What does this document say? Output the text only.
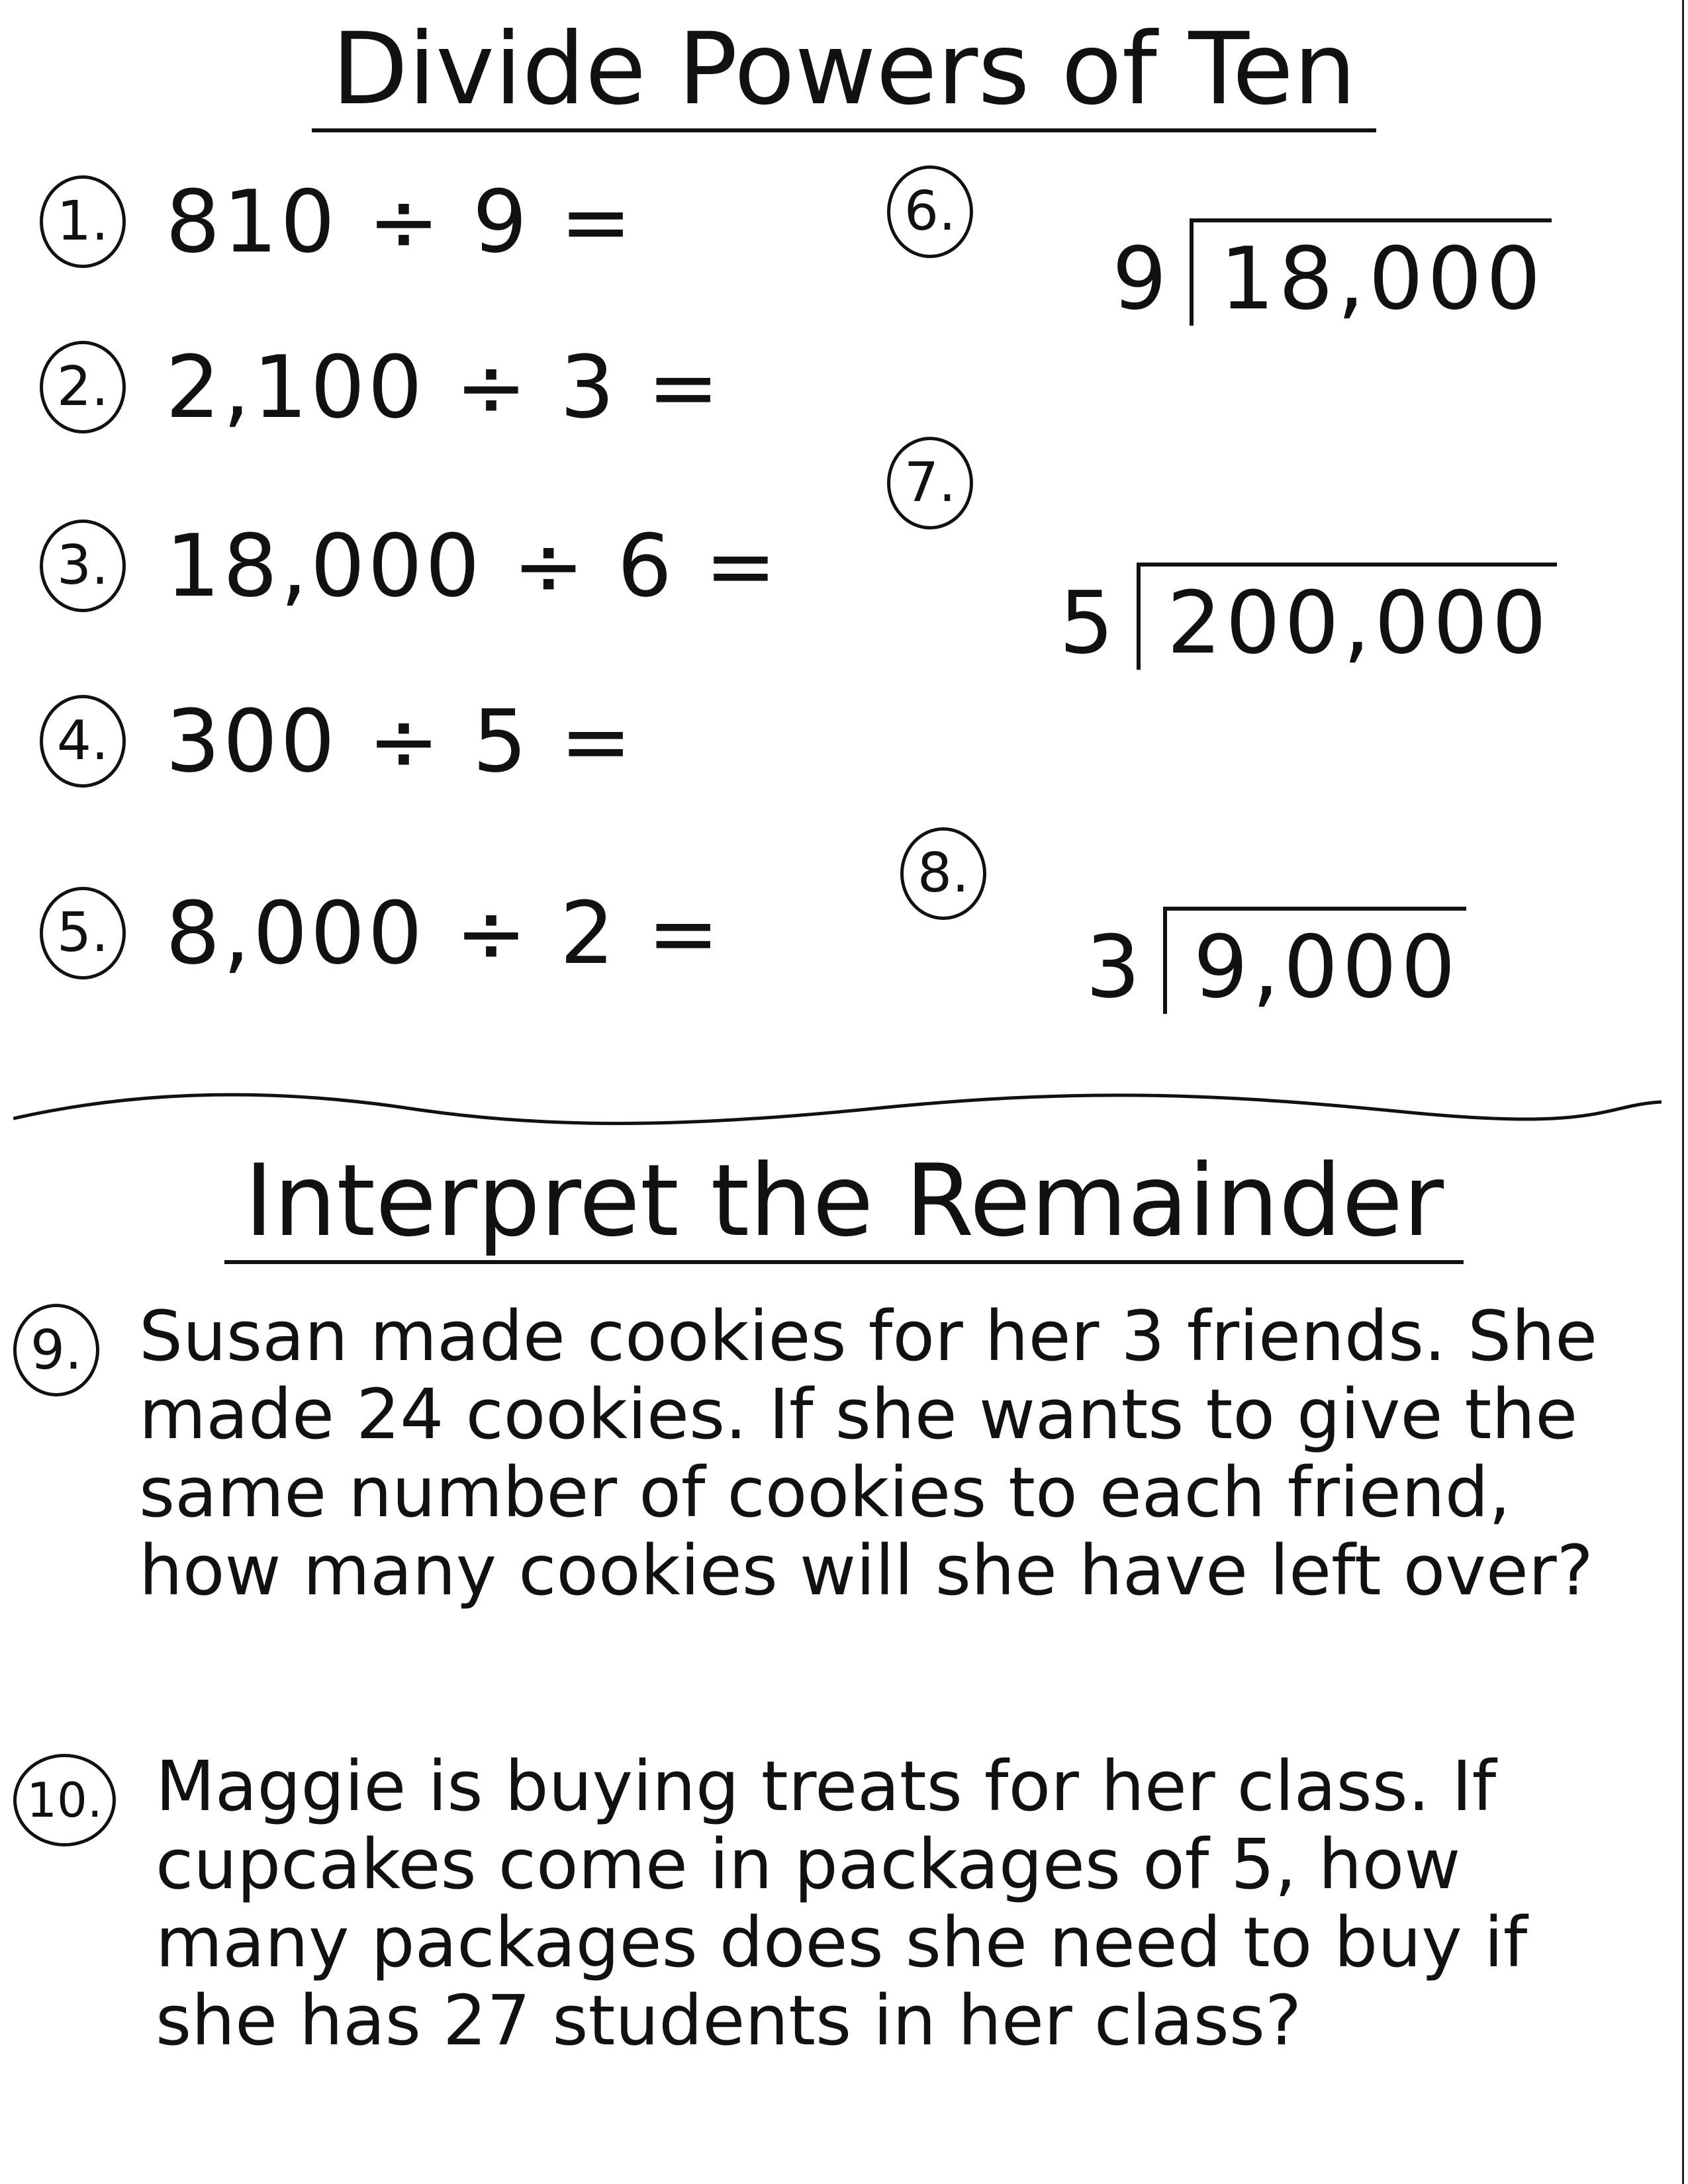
Divide Powers of Ten
1. 810 ÷ 9 =
2. 2,100 ÷ 3 =
3. 18,000 ÷ 6 =
4. 300 ÷ 5 =
5. 8,000 ÷ 2 =
6.
9 18,000
7.
5 200,000
8.
3 9,000
Interpret the Remainder
9. Susan made cookies for her 3 friends. She made 24 cookies. If she wants to give the same number of cookies to each friend, how many cookies will she have left over?

10. Maggie is buying treats for her class. If cupcakes come in packages of 5, how many packages does she need to buy if she has 27 students in her class?
